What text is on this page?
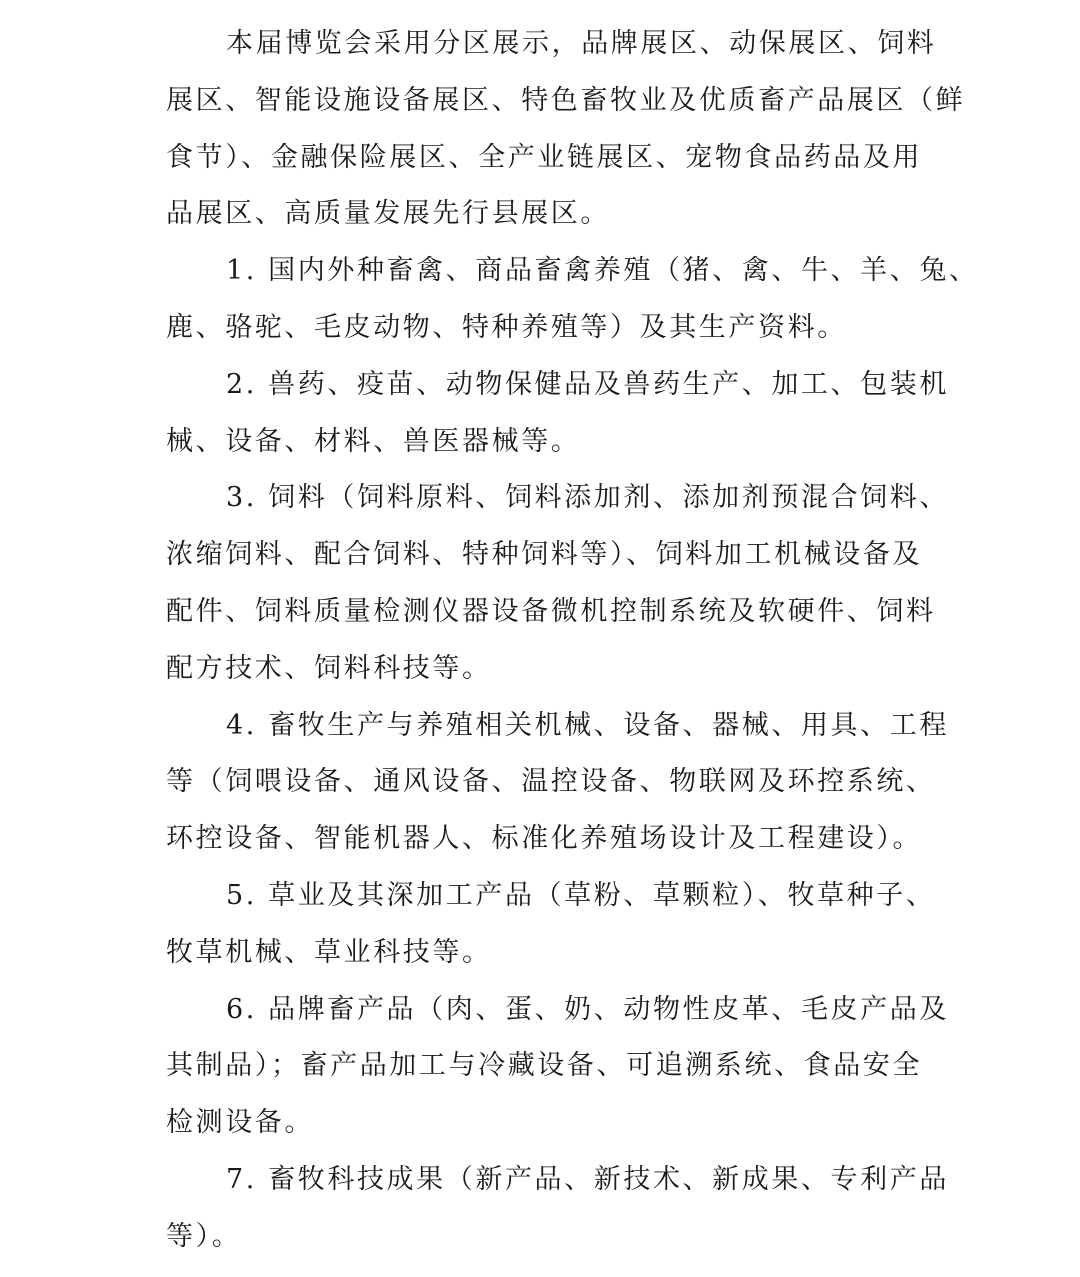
本届博览会采用分区展示，品牌展区、动保展区、饲料
展区、智能设施设备展区、特色畜牧业及优质畜产品展区（鲜
食节）、金融保险展区、全产业链展区、宠物食品药品及用
品展区、高质量发展先行县展区。

1. 国内外种畜禽、商品畜禽养殖（猪、禽、牛、羊、兔、
鹿、骆驼、毛皮动物、特种养殖等）及其生产资料。

2. 兽药、疫苗、动物保健品及兽药生产、加工、包装机
械、设备、材料、兽医器械等。

3. 饲料（饲料原料、饲料添加剂、添加剂预混合饲料、
浓缩饲料、配合饲料、特种饲料等）、饲料加工机械设备及
配件、饲料质量检测仪器设备微机控制系统及软硬件、饲料
配方技术、饲料科技等。

4. 畜牧生产与养殖相关机械、设备、器械、用具、工程
等（饲喂设备、通风设备、温控设备、物联网及环控系统、
环控设备、智能机器人、标准化养殖场设计及工程建设）。

5. 草业及其深加工产品（草粉、草颗粒）、牧草种子、
牧草机械、草业科技等。

6. 品牌畜产品（肉、蛋、奶、动物性皮革、毛皮产品及
其制品）；畜产品加工与冷藏设备、可追溯系统、食品安全
检测设备。

7. 畜牧科技成果（新产品、新技术、新成果、专利产品
等）。
